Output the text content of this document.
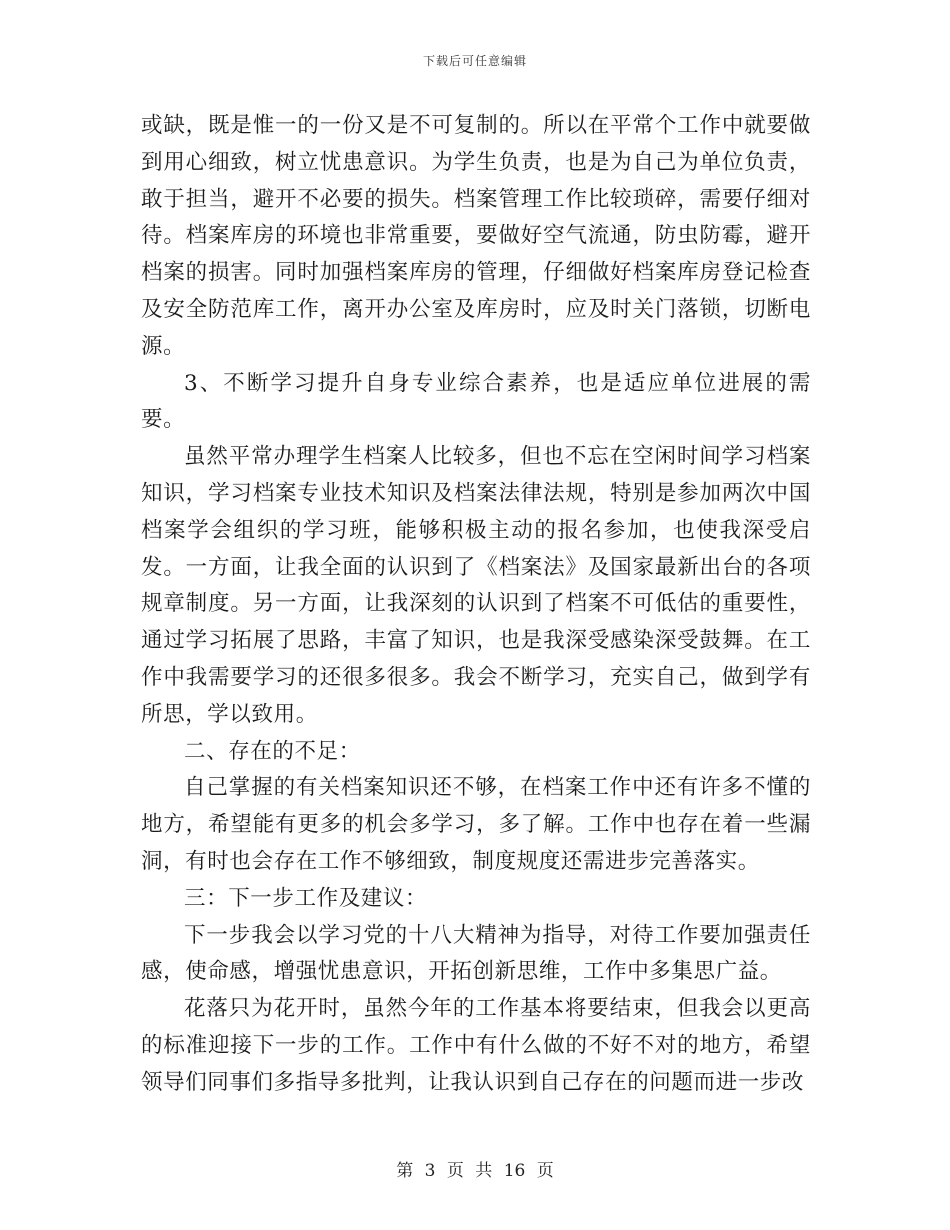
下载后可任意编辑

或缺，既是惟一的一份又是不可复制的。所以在平常个工作中就要做到用心细致，树立忧患意识。为学生负责，也是为自己为单位负责，敢于担当，避开不必要的损失。档案管理工作比较琐碎，需要仔细对待。档案库房的环境也非常重要，要做好空气流通，防虫防霉，避开档案的损害。同时加强档案库房的管理，仔细做好档案库房登记检查及安全防范库工作，离开办公室及库房时，应及时关门落锁，切断电源。

3、不断学习提升自身专业综合素养，也是适应单位进展的需要。

虽然平常办理学生档案人比较多，但也不忘在空闲时间学习档案知识，学习档案专业技术知识及档案法律法规，特别是参加两次中国档案学会组织的学习班，能够积极主动的报名参加，也使我深受启发。一方面，让我全面的认识到了《档案法》及国家最新出台的各项规章制度。另一方面，让我深刻的认识到了档案不可低估的重要性，通过学习拓展了思路，丰富了知识，也是我深受感染深受鼓舞。在工作中我需要学习的还很多很多。我会不断学习，充实自己，做到学有所思，学以致用。

二、存在的不足：

自己掌握的有关档案知识还不够，在档案工作中还有许多不懂的地方，希望能有更多的机会多学习，多了解。工作中也存在着一些漏洞，有时也会存在工作不够细致，制度规度还需进步完善落实。

三：下一步工作及建议：

下一步我会以学习党的十八大精神为指导，对待工作要加强责任感，使命感，增强忧患意识，开拓创新思维，工作中多集思广益。

花落只为花开时，虽然今年的工作基本将要结束，但我会以更高的标准迎接下一步的工作。工作中有什么做的不好不对的地方，希望领导们同事们多指导多批判，让我认识到自己存在的问题而进一步改

第 3 页 共 16 页
